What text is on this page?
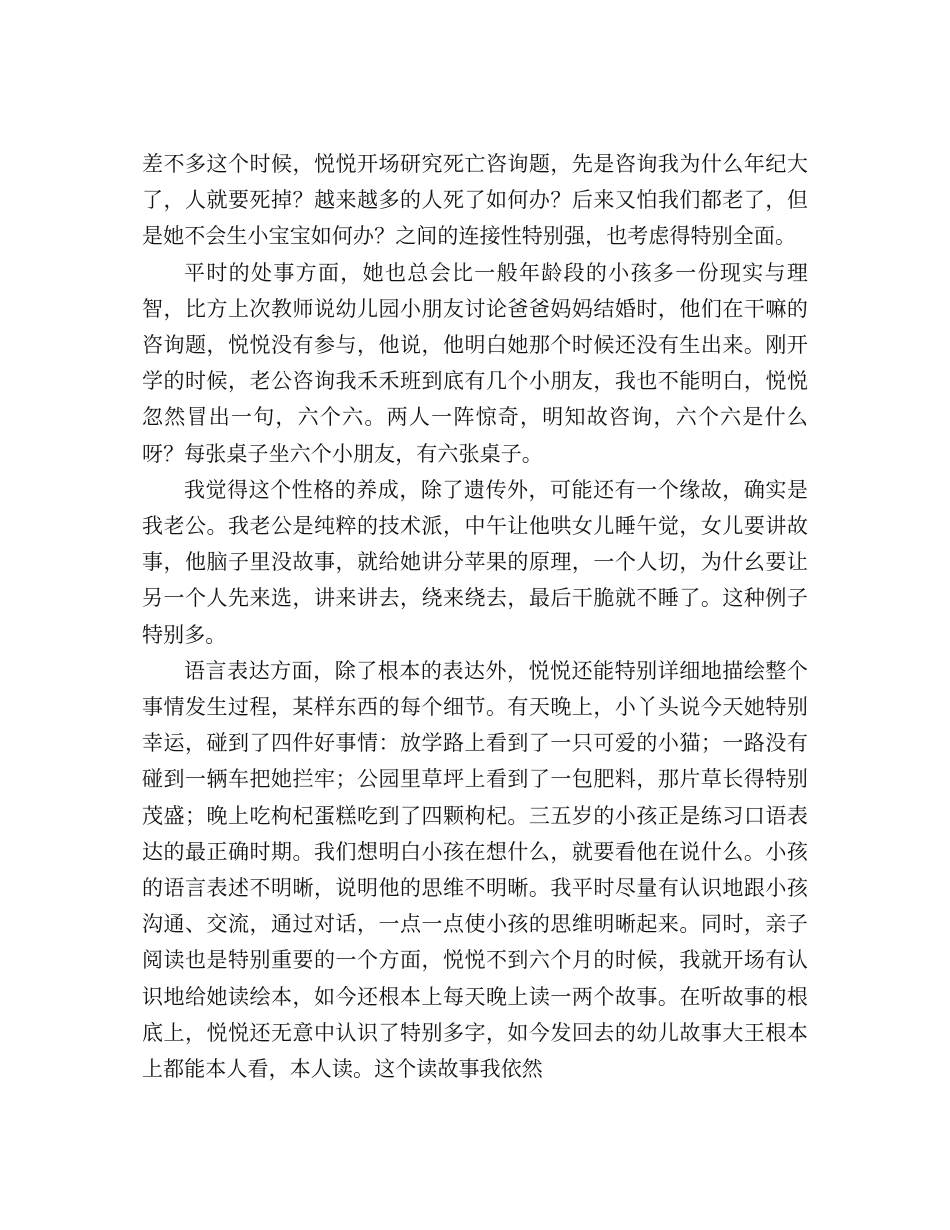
差不多这个时候，悦悦开场研究死亡咨询题，先是咨询我为什么年纪大了，人就要死掉？越来越多的人死了如何办？后来又怕我们都老了，但是她不会生小宝宝如何办？之间的连接性特别强，也考虑得特别全面。

平时的处事方面，她也总会比一般年龄段的小孩多一份现实与理智，比方上次教师说幼儿园小朋友讨论爸爸妈妈结婚时，他们在干嘛的咨询题，悦悦没有参与，他说，他明白她那个时候还没有生出来。刚开学的时候，老公咨询我禾禾班到底有几个小朋友，我也不能明白，悦悦忽然冒出一句，六个六。两人一阵惊奇，明知故咨询，六个六是什么呀？每张桌子坐六个小朋友，有六张桌子。

我觉得这个性格的养成，除了遗传外，可能还有一个缘故，确实是我老公。我老公是纯粹的技术派，中午让他哄女儿睡午觉，女儿要讲故事，他脑子里没故事，就给她讲分苹果的原理，一个人切，为什幺要让另一个人先来选，讲来讲去，绕来绕去，最后干脆就不睡了。这种例子特别多。

语言表达方面，除了根本的表达外，悦悦还能特别详细地描绘整个事情发生过程，某样东西的每个细节。有天晚上，小丫头说今天她特别幸运，碰到了四件好事情：放学路上看到了一只可爱的小猫；一路没有碰到一辆车把她拦牢；公园里草坪上看到了一包肥料，那片草长得特别茂盛；晚上吃枸杞蛋糕吃到了四颗枸杞。三五岁的小孩正是练习口语表达的最正确时期。我们想明白小孩在想什么，就要看他在说什么。小孩的语言表述不明晰，说明他的思维不明晰。我平时尽量有认识地跟小孩沟通、交流，通过对话，一点一点使小孩的思维明晰起来。同时，亲子阅读也是特别重要的一个方面，悦悦不到六个月的时候，我就开场有认识地给她读绘本，如今还根本上每天晚上读一两个故事。在听故事的根底上，悦悦还无意中认识了特别多字，如今发回去的幼儿故事大王根本上都能本人看，本人读。这个读故事我依然
